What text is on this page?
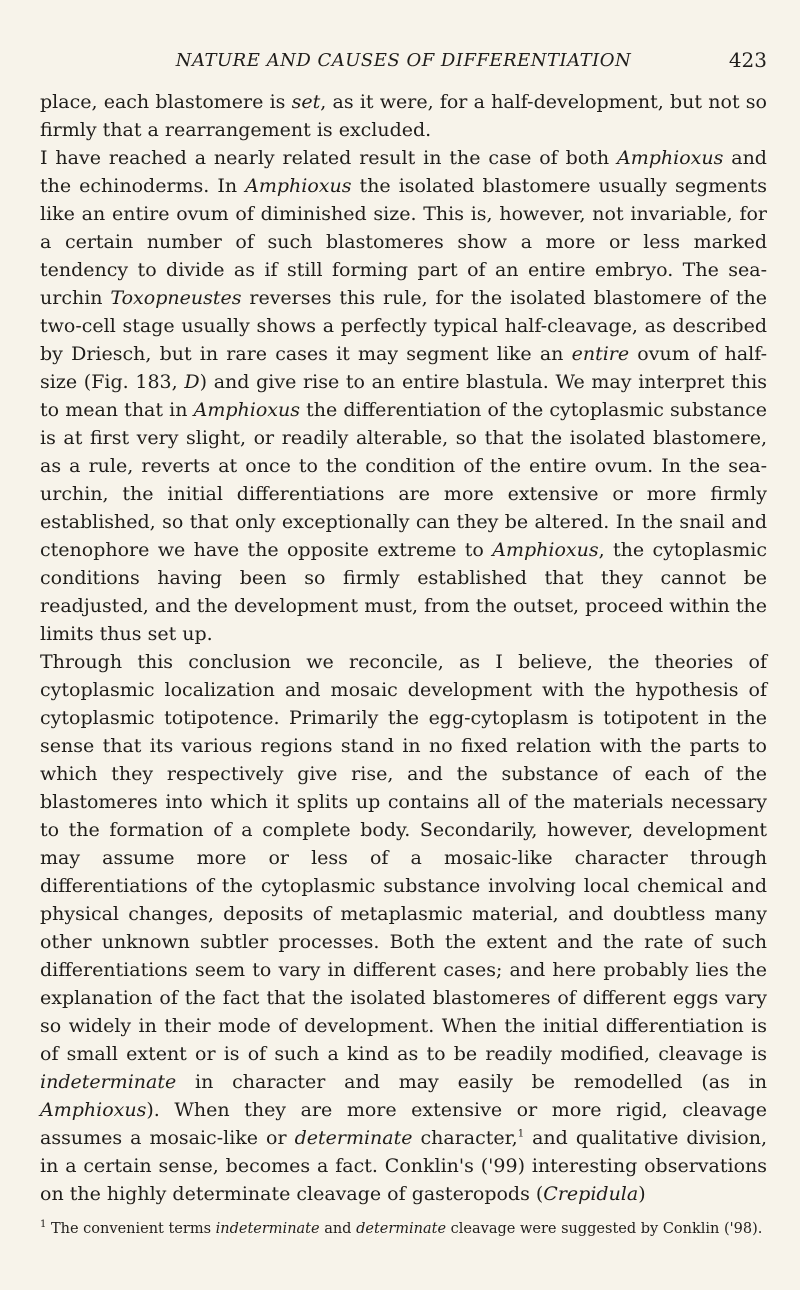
NATURE AND CAUSES OF DIFFERENTIATION	423

place, each blastomere is set, as it were, for a half-development, but not so firmly that a rearrangement is excluded.

I have reached a nearly related result in the case of both Amphioxus and the echinoderms. In Amphioxus the isolated blastomere usually segments like an entire ovum of diminished size. This is, however, not invariable, for a certain number of such blastomeres show a more or less marked tendency to divide as if still forming part of an entire embryo. The sea-urchin Toxopneustes reverses this rule, for the isolated blastomere of the two-cell stage usually shows a perfectly typical half-cleavage, as described by Driesch, but in rare cases it may segment like an entire ovum of half-size (Fig. 183, D) and give rise to an entire blastula. We may interpret this to mean that in Amphioxus the differentiation of the cytoplasmic substance is at first very slight, or readily alterable, so that the isolated blastomere, as a rule, reverts at once to the condition of the entire ovum. In the sea-urchin, the initial differentiations are more extensive or more firmly established, so that only exceptionally can they be altered. In the snail and ctenophore we have the opposite extreme to Amphioxus, the cytoplasmic conditions having been so firmly established that they cannot be readjusted, and the development must, from the outset, proceed within the limits thus set up.

Through this conclusion we reconcile, as I believe, the theories of cytoplasmic localization and mosaic development with the hypothesis of cytoplasmic totipotence. Primarily the egg-cytoplasm is totipotent in the sense that its various regions stand in no fixed relation with the parts to which they respectively give rise, and the substance of each of the blastomeres into which it splits up contains all of the materials necessary to the formation of a complete body. Secondarily, however, development may assume more or less of a mosaic-like character through differentiations of the cytoplasmic substance involving local chemical and physical changes, deposits of metaplasmic material, and doubtless many other unknown subtler processes. Both the extent and the rate of such differentiations seem to vary in different cases; and here probably lies the explanation of the fact that the isolated blastomeres of different eggs vary so widely in their mode of development. When the initial differentiation is of small extent or is of such a kind as to be readily modified, cleavage is indeterminate in character and may easily be remodelled (as in Amphioxus). When they are more extensive or more rigid, cleavage assumes a mosaic-like or determinate character,$^1$ and qualitative division, in a certain sense, becomes a fact. Conklin's ('99) interesting observations on the highly determinate cleavage of gasteropods (Crepidula)

$^1$ The convenient terms indeterminate and determinate cleavage were suggested by Conklin ('98).
